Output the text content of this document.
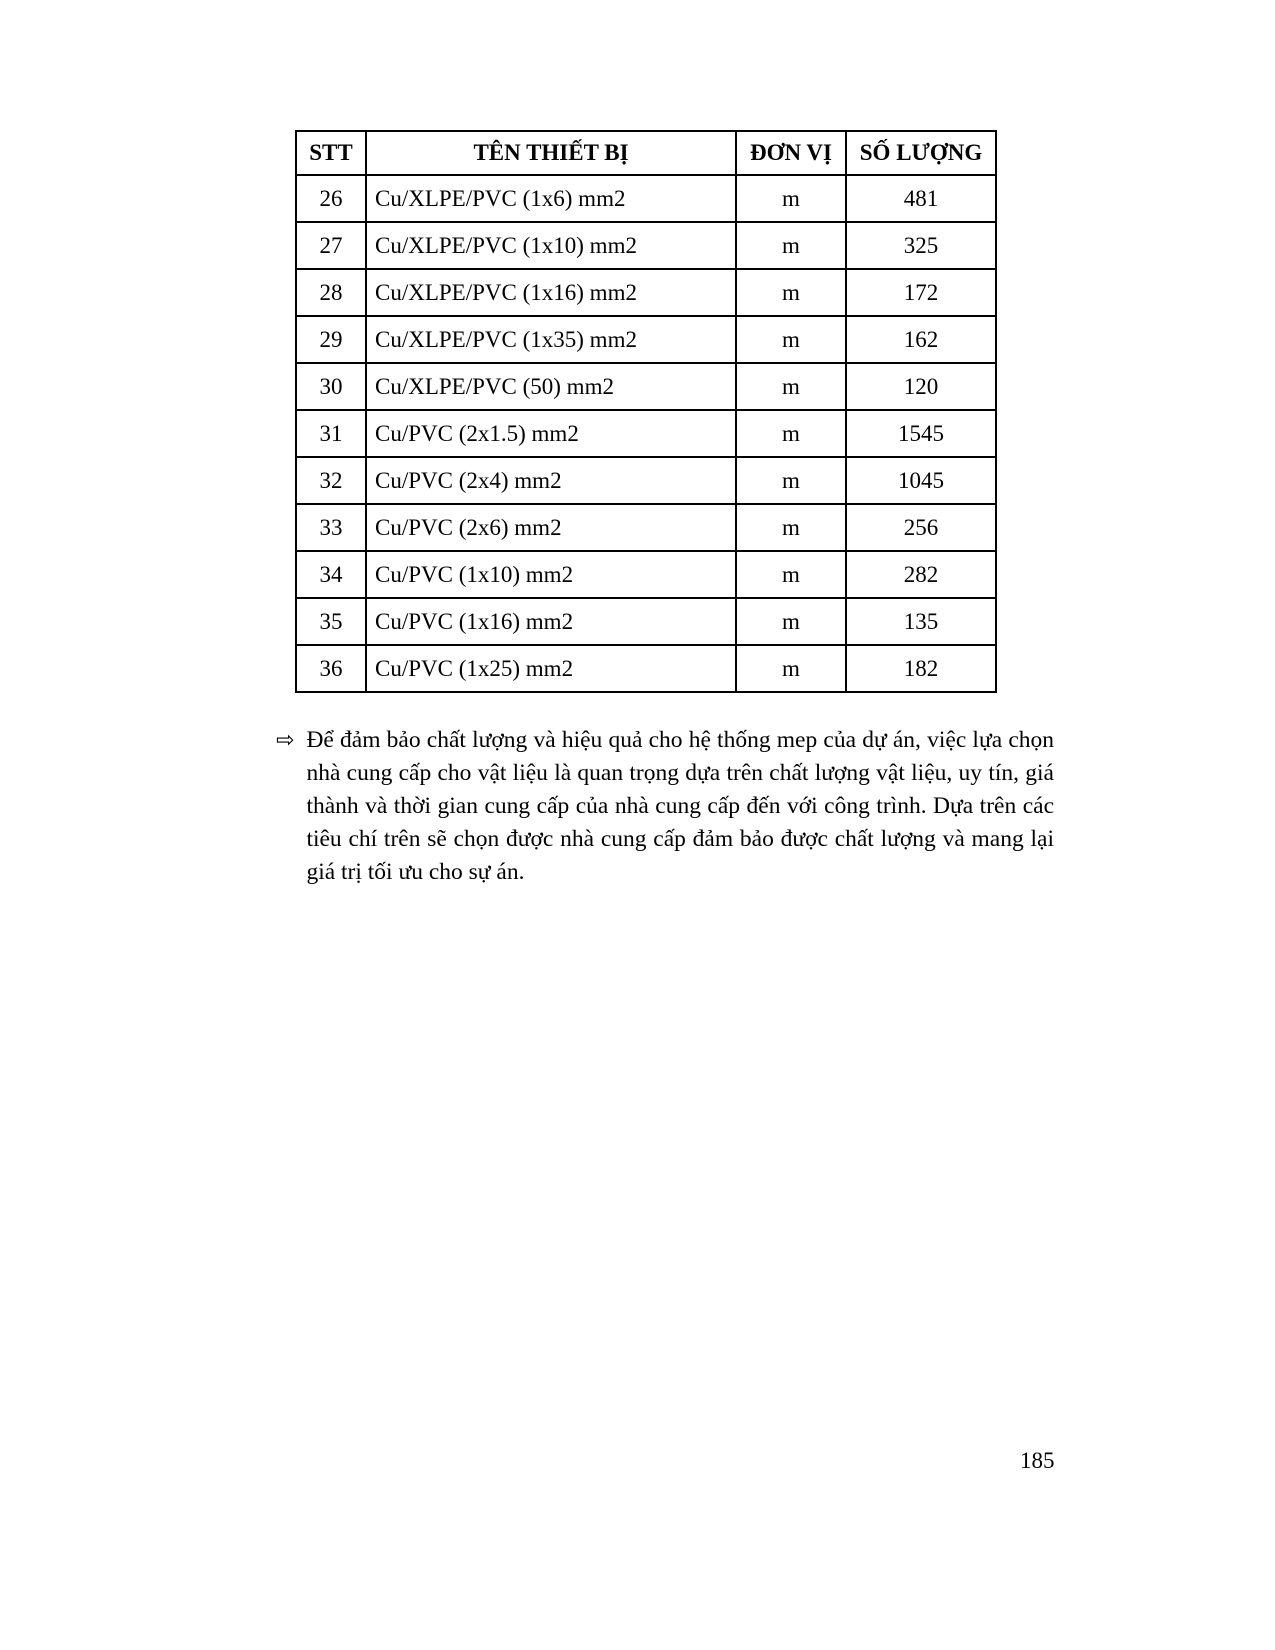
STT	TÊN THIẾT BỊ	ĐƠN VỊ	SỐ LƯỢNG
26	Cu/XLPE/PVC (1x6) mm2	m	481
27	Cu/XLPE/PVC (1x10) mm2	m	325
28	Cu/XLPE/PVC (1x16) mm2	m	172
29	Cu/XLPE/PVC (1x35) mm2	m	162
30	Cu/XLPE/PVC (50) mm2	m	120
31	Cu/PVC (2x1.5) mm2	m	1545
32	Cu/PVC (2x4) mm2	m	1045
33	Cu/PVC (2x6) mm2	m	256
34	Cu/PVC (1x10) mm2	m	282
35	Cu/PVC (1x16) mm2	m	135
36	Cu/PVC (1x25) mm2	m	182
⇨ Để đảm bảo chất lượng và hiệu quả cho hệ thống mep của dự án, việc lựa chọn nhà cung cấp cho vật liệu là quan trọng dựa trên chất lượng vật liệu, uy tín, giá thành và thời gian cung cấp của nhà cung cấp đến với công trình. Dựa trên các tiêu chí trên sẽ chọn được nhà cung cấp đảm bảo được chất lượng và mang lại giá trị tối ưu cho sự án.
185
